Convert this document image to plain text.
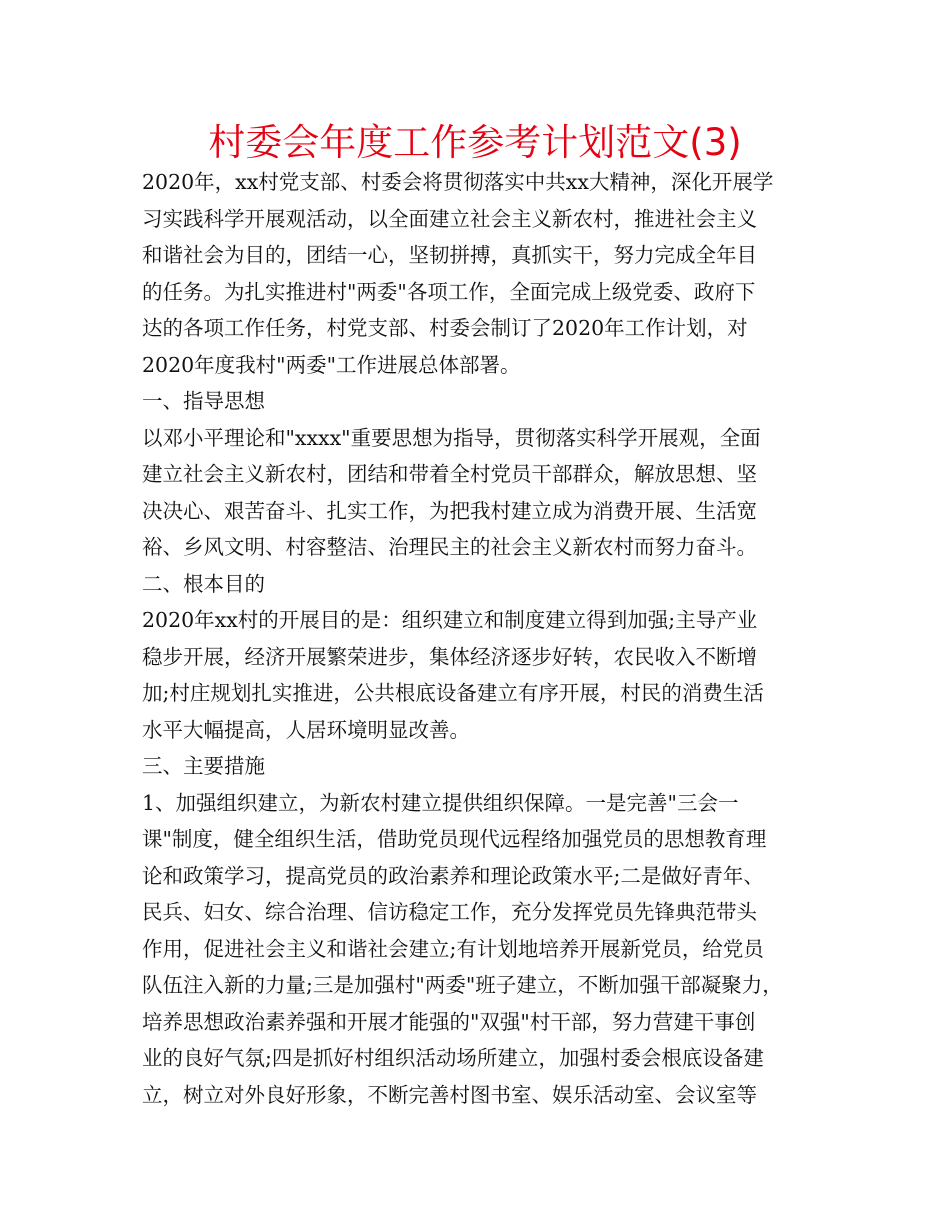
村委会年度工作参考计划范文(3)
2020年，xx村党支部、村委会将贯彻落实中共xx大精神，深化开展学
习实践科学开展观活动，以全面建立社会主义新农村，推进社会主义
和谐社会为目的，团结一心，坚韧拼搏，真抓实干，努力完成全年目
的任务。为扎实推进村"两委"各项工作，全面完成上级党委、政府下
达的各项工作任务，村党支部、村委会制订了2020年工作计划，对
2020年度我村"两委"工作进展总体部署。
一、指导思想
以邓小平理论和"xxxx"重要思想为指导，贯彻落实科学开展观，全面
建立社会主义新农村，团结和带着全村党员干部群众，解放思想、坚
决决心、艰苦奋斗、扎实工作，为把我村建立成为消费开展、生活宽
裕、乡风文明、村容整洁、治理民主的社会主义新农村而努力奋斗。
二、根本目的
2020年xx村的开展目的是：组织建立和制度建立得到加强;主导产业
稳步开展，经济开展繁荣进步，集体经济逐步好转，农民收入不断增
加;村庄规划扎实推进，公共根底设备建立有序开展，村民的消费生活
水平大幅提高，人居环境明显改善。
三、主要措施
1、加强组织建立，为新农村建立提供组织保障。一是完善"三会一
课"制度，健全组织生活，借助党员现代远程络加强党员的思想教育理
论和政策学习，提高党员的政治素养和理论政策水平;二是做好青年、
民兵、妇女、综合治理、信访稳定工作，充分发挥党员先锋典范带头
作用，促进社会主义和谐社会建立;有计划地培养开展新党员，给党员
队伍注入新的力量;三是加强村"两委"班子建立，不断加强干部凝聚力，
培养思想政治素养强和开展才能强的"双强"村干部，努力营建干事创
业的良好气氛;四是抓好村组织活动场所建立，加强村委会根底设备建
立，树立对外良好形象，不断完善村图书室、娱乐活动室、会议室等
